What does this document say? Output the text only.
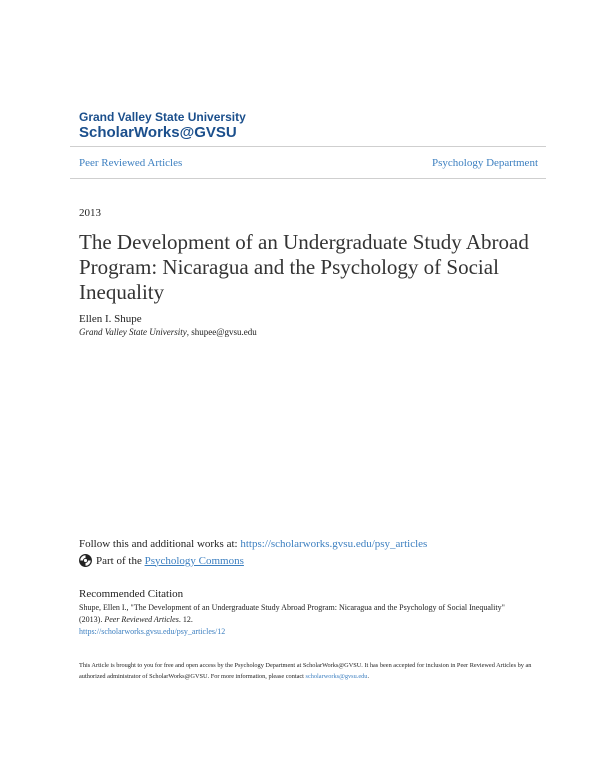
Grand Valley State University
ScholarWorks@GVSU
Peer Reviewed Articles	Psychology Department
2013
The Development of an Undergraduate Study Abroad Program: Nicaragua and the Psychology of Social Inequality
Ellen I. Shupe
Grand Valley State University, shupee@gvsu.edu
Follow this and additional works at: https://scholarworks.gvsu.edu/psy_articles
Part of the Psychology Commons
Recommended Citation
Shupe, Ellen I., "The Development of an Undergraduate Study Abroad Program: Nicaragua and the Psychology of Social Inequality" (2013). Peer Reviewed Articles. 12.
https://scholarworks.gvsu.edu/psy_articles/12
This Article is brought to you for free and open access by the Psychology Department at ScholarWorks@GVSU. It has been accepted for inclusion in Peer Reviewed Articles by an authorized administrator of ScholarWorks@GVSU. For more information, please contact scholarworks@gvsu.edu.
